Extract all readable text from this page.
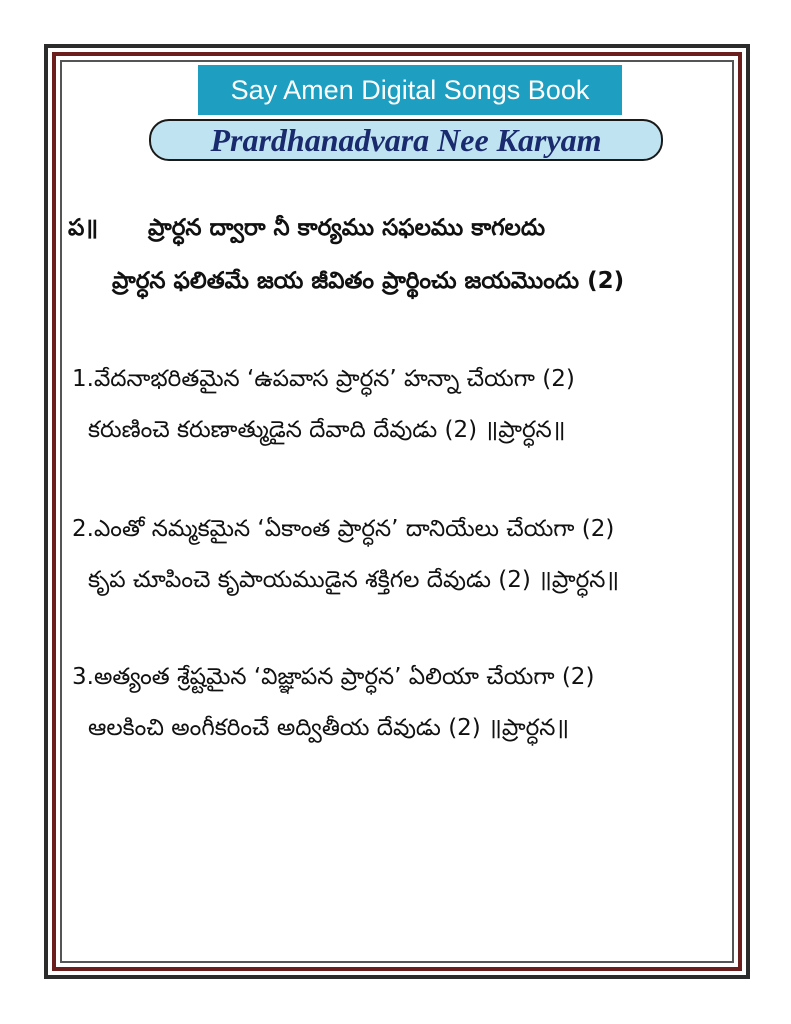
Say Amen Digital Songs Book
Prardhanadvara Nee Karyam
ప॥ ప్రార్ధన ద్వారా నీ కార్యము సఫలము కాగలదు
ప్రార్ధన ఫలితమే జయ జీవితం ప్రార్థించు జయమొందు (2)
1.వేదనాభరితమైన ‘ఉపవాస ప్రార్ధన’ హన్నా చేయగా (2)
కరుణించె కరుణాత్ముడైన దేవాది దేవుడు (2) ॥ప్రార్ధన॥
2.ఎంతో నమ్మకమైన ‘ఏకాంత ప్రార్ధన’ దానియేలు చేయగా (2)
కృప చూపించె కృపాయముడైన శక్తిగల దేవుడు (2) ॥ప్రార్ధన॥
3.అత్యంత శ్రేష్టమైన ‘విజ్ఞాపన ప్రార్ధన’ ఏలియా చేయగా (2)
ఆలకించి అంగీకరించే అద్వితీయ దేవుడు (2) ॥ప్రార్ధన॥
